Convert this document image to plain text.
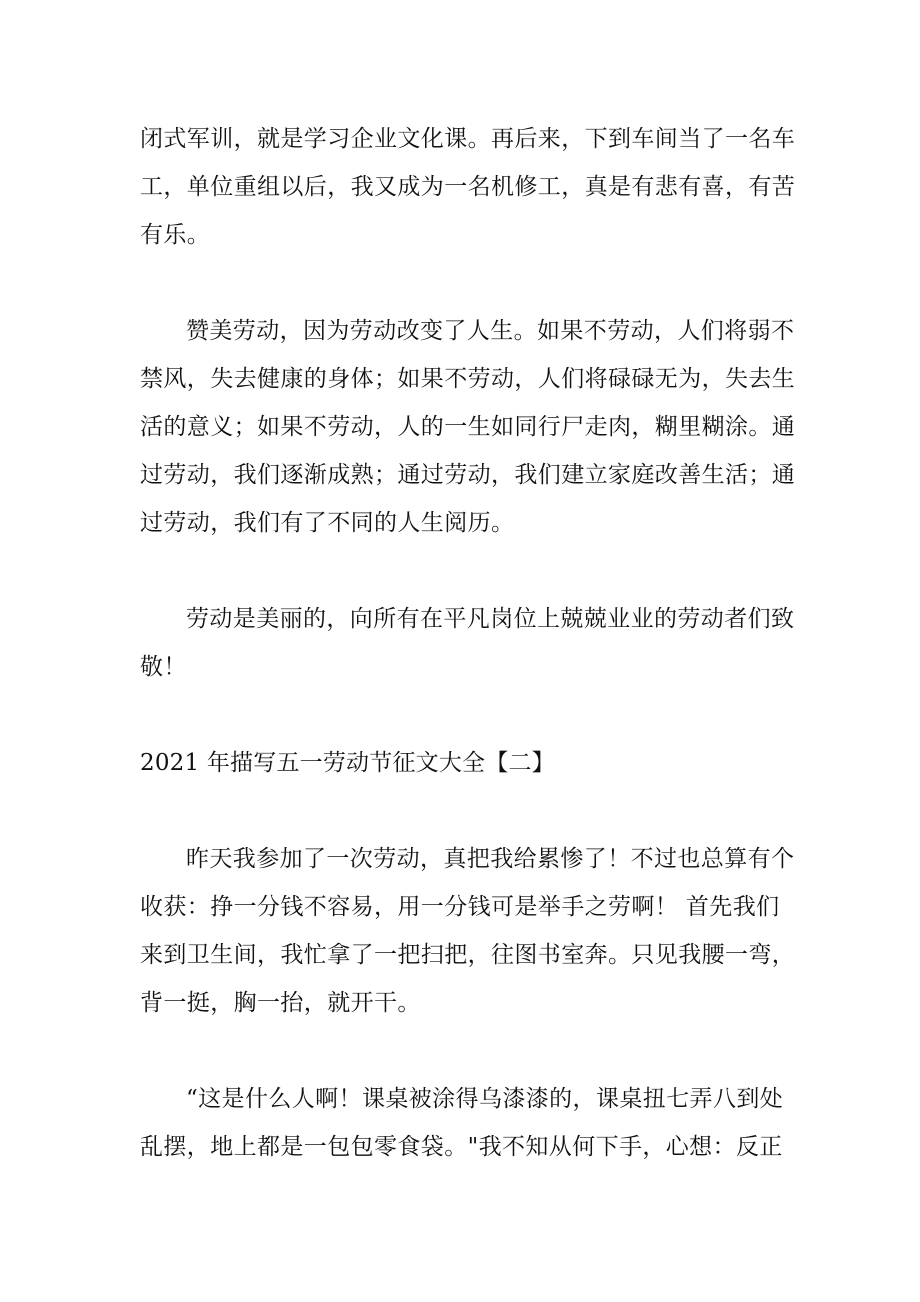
闭式军训，就是学习企业文化课。再后来，下到车间当了一名车工，单位重组以后，我又成为一名机修工，真是有悲有喜，有苦有乐。

赞美劳动，因为劳动改变了人生。如果不劳动，人们将弱不禁风，失去健康的身体；如果不劳动，人们将碌碌无为，失去生活的意义；如果不劳动，人的一生如同行尸走肉，糊里糊涂。通过劳动，我们逐渐成熟；通过劳动，我们建立家庭改善生活；通过劳动，我们有了不同的人生阅历。

劳动是美丽的，向所有在平凡岗位上兢兢业业的劳动者们致敬！

2021 年描写五一劳动节征文大全【二】

昨天我参加了一次劳动，真把我给累惨了！不过也总算有个收获：挣一分钱不容易，用一分钱可是举手之劳啊！ 首先我们来到卫生间，我忙拿了一把扫把，往图书室奔。只见我腰一弯，背一挺，胸一抬，就开干。

“这是什么人啊！课桌被涂得乌漆漆的，课桌扭七弄八到处乱摆，地上都是一包包零食袋。"我不知从何下手，心想：反正
